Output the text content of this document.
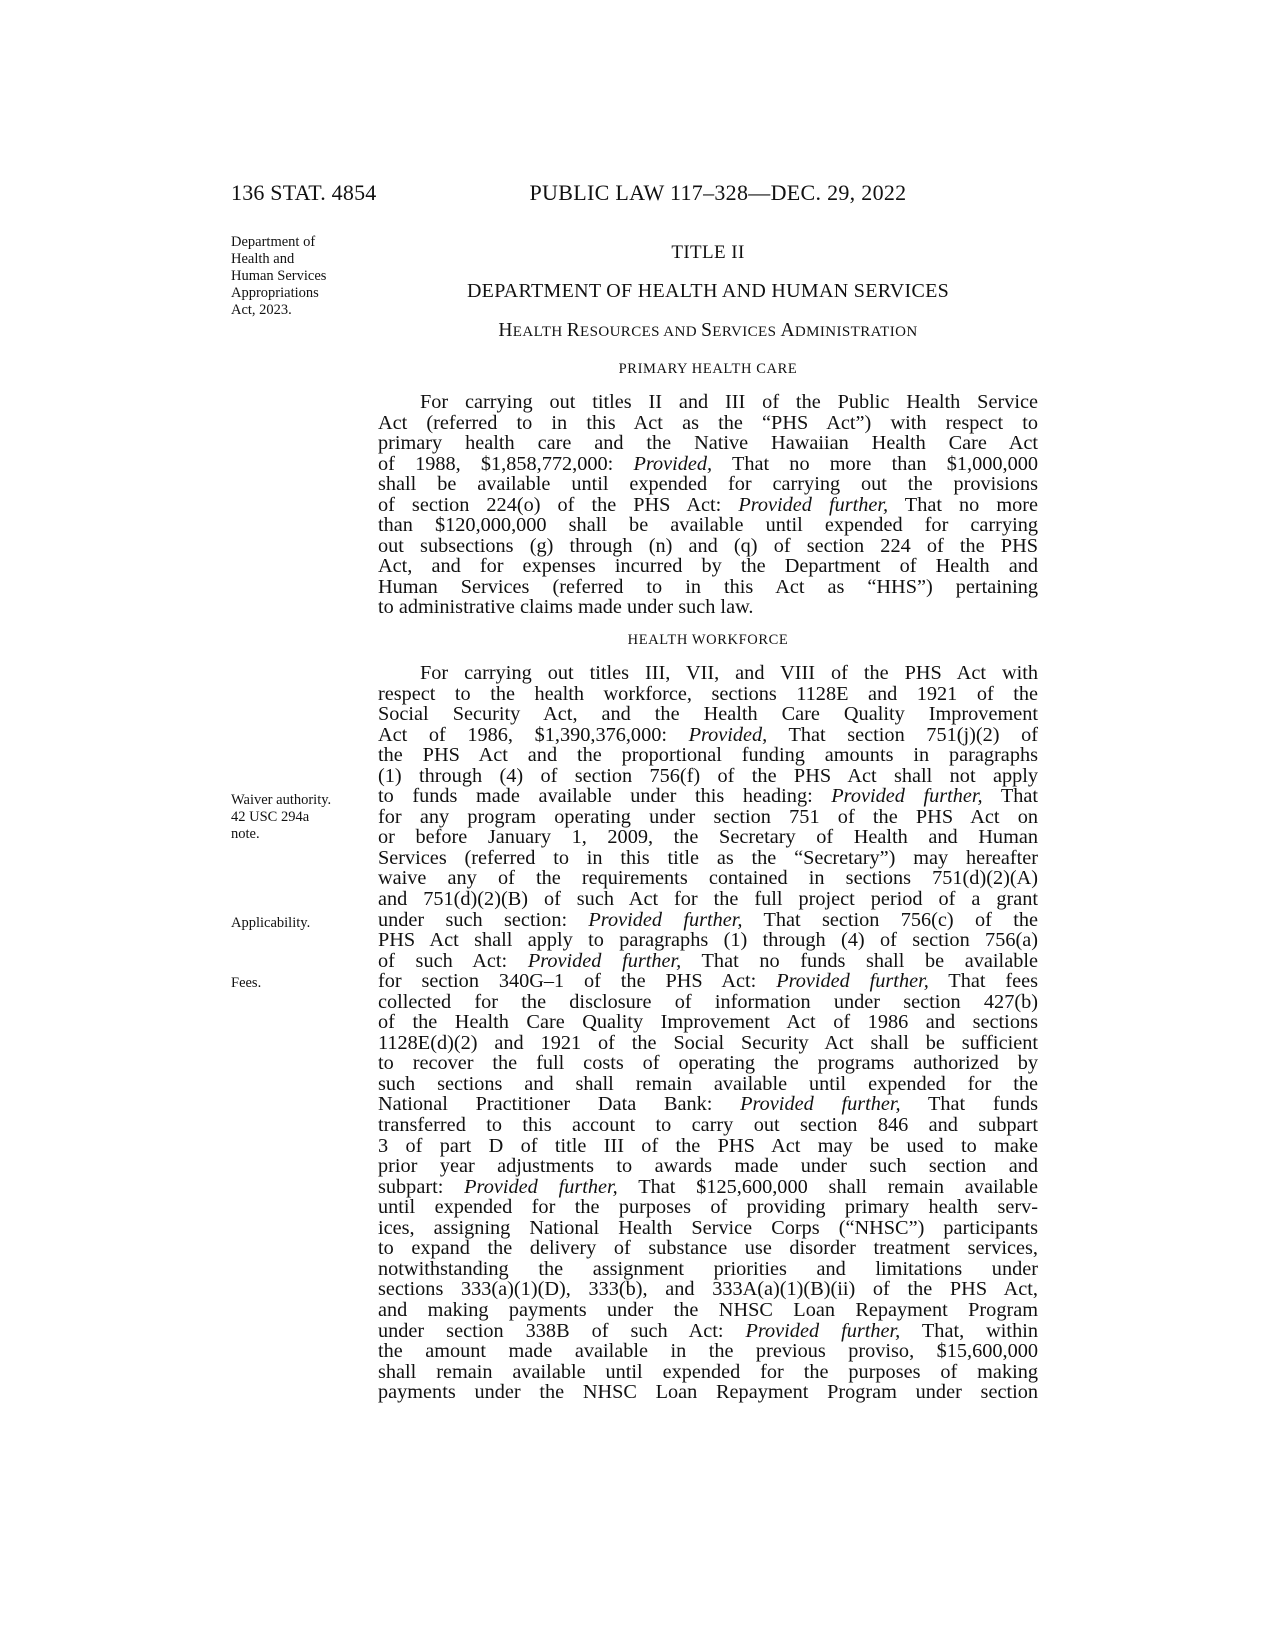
136 STAT. 4854	PUBLIC LAW 117–328—DEC. 29, 2022
Department of
Health and
Human Services
Appropriations
Act, 2023.
Waiver authority.
42 USC 294a
note.
Applicability.
Fees.
TITLE II
DEPARTMENT OF HEALTH AND HUMAN SERVICES
HEALTH RESOURCES AND SERVICES ADMINISTRATION
PRIMARY HEALTH CARE
For carrying out titles II and III of the Public Health Service
Act (referred to in this Act as the “PHS Act”) with respect to
primary health care and the Native Hawaiian Health Care Act
of 1988, $1,858,772,000: Provided, That no more than $1,000,000
shall be available until expended for carrying out the provisions
of section 224(o) of the PHS Act: Provided further, That no more
than $120,000,000 shall be available until expended for carrying
out subsections (g) through (n) and (q) of section 224 of the PHS
Act, and for expenses incurred by the Department of Health and
Human Services (referred to in this Act as “HHS”) pertaining
to administrative claims made under such law.
HEALTH WORKFORCE
For carrying out titles III, VII, and VIII of the PHS Act with
respect to the health workforce, sections 1128E and 1921 of the
Social Security Act, and the Health Care Quality Improvement
Act of 1986, $1,390,376,000: Provided, That section 751(j)(2) of
the PHS Act and the proportional funding amounts in paragraphs
(1) through (4) of section 756(f) of the PHS Act shall not apply
to funds made available under this heading: Provided further, That
for any program operating under section 751 of the PHS Act on
or before January 1, 2009, the Secretary of Health and Human
Services (referred to in this title as the “Secretary”) may hereafter
waive any of the requirements contained in sections 751(d)(2)(A)
and 751(d)(2)(B) of such Act for the full project period of a grant
under such section: Provided further, That section 756(c) of the
PHS Act shall apply to paragraphs (1) through (4) of section 756(a)
of such Act: Provided further, That no funds shall be available
for section 340G–1 of the PHS Act: Provided further, That fees
collected for the disclosure of information under section 427(b)
of the Health Care Quality Improvement Act of 1986 and sections
1128E(d)(2) and 1921 of the Social Security Act shall be sufficient
to recover the full costs of operating the programs authorized by
such sections and shall remain available until expended for the
National Practitioner Data Bank: Provided further, That funds
transferred to this account to carry out section 846 and subpart
3 of part D of title III of the PHS Act may be used to make
prior year adjustments to awards made under such section and
subpart: Provided further, That $125,600,000 shall remain available
until expended for the purposes of providing primary health serv-
ices, assigning National Health Service Corps (“NHSC”) participants
to expand the delivery of substance use disorder treatment services,
notwithstanding the assignment priorities and limitations under
sections 333(a)(1)(D), 333(b), and 333A(a)(1)(B)(ii) of the PHS Act,
and making payments under the NHSC Loan Repayment Program
under section 338B of such Act: Provided further, That, within
the amount made available in the previous proviso, $15,600,000
shall remain available until expended for the purposes of making
payments under the NHSC Loan Repayment Program under section
